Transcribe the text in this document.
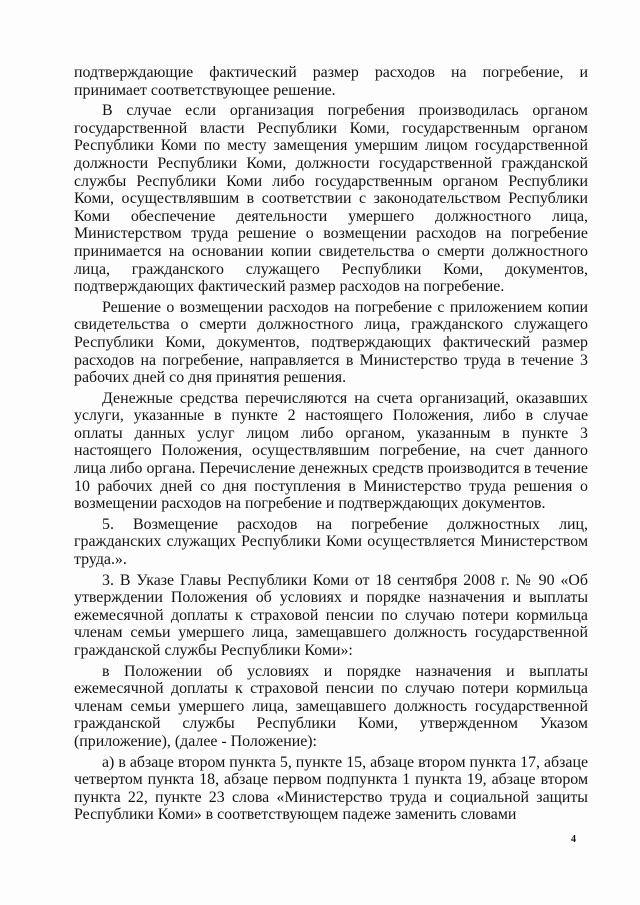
подтверждающие фактический размер расходов на погребение, и принимает соответствующее решение.

В случае если организация погребения производилась органом государственной власти Республики Коми, государственным органом Республики Коми по месту замещения умершим лицом государственной должности Республики Коми, должности государственной гражданской службы Республики Коми либо государственным органом Республики Коми, осуществлявшим в соответствии с законодательством Республики Коми обеспечение деятельности умершего должностного лица, Министерством труда решение о возмещении расходов на погребение принимается на основании копии свидетельства о смерти должностного лица, гражданского служащего Республики Коми, документов, подтверждающих фактический размер расходов на погребение.

Решение о возмещении расходов на погребение с приложением копии свидетельства о смерти должностного лица, гражданского служащего Республики Коми, документов, подтверждающих фактический размер расходов на погребение, направляется в Министерство труда в течение 3 рабочих дней со дня принятия решения.

Денежные средства перечисляются на счета организаций, оказавших услуги, указанные в пункте 2 настоящего Положения, либо в случае оплаты данных услуг лицом либо органом, указанным в пункте 3 настоящего Положения, осуществлявшим погребение, на счет данного лица либо органа. Перечисление денежных средств производится в течение 10 рабочих дней со дня поступления в Министерство труда решения о возмещении расходов на погребение и подтверждающих документов.

5. Возмещение расходов на погребение должностных лиц, гражданских служащих Республики Коми осуществляется Министерством труда.».

3. В Указе Главы Республики Коми от 18 сентября 2008 г. № 90 «Об утверждении Положения об условиях и порядке назначения и выплаты ежемесячной доплаты к страховой пенсии по случаю потери кормильца членам семьи умершего лица, замещавшего должность государственной гражданской службы Республики Коми»:

в Положении об условиях и порядке назначения и выплаты ежемесячной доплаты к страховой пенсии по случаю потери кормильца членам семьи умершего лица, замещавшего должность государственной гражданской службы Республики Коми, утвержденном Указом (приложение), (далее - Положение):

а) в абзаце втором пункта 5, пункте 15, абзаце втором пункта 17, абзаце четвертом пункта 18, абзаце первом подпункта 1 пункта 19, абзаце втором пункта 22, пункте 23 слова «Министерство труда и социальной защиты Республики Коми» в соответствующем падеже заменить словами

4
